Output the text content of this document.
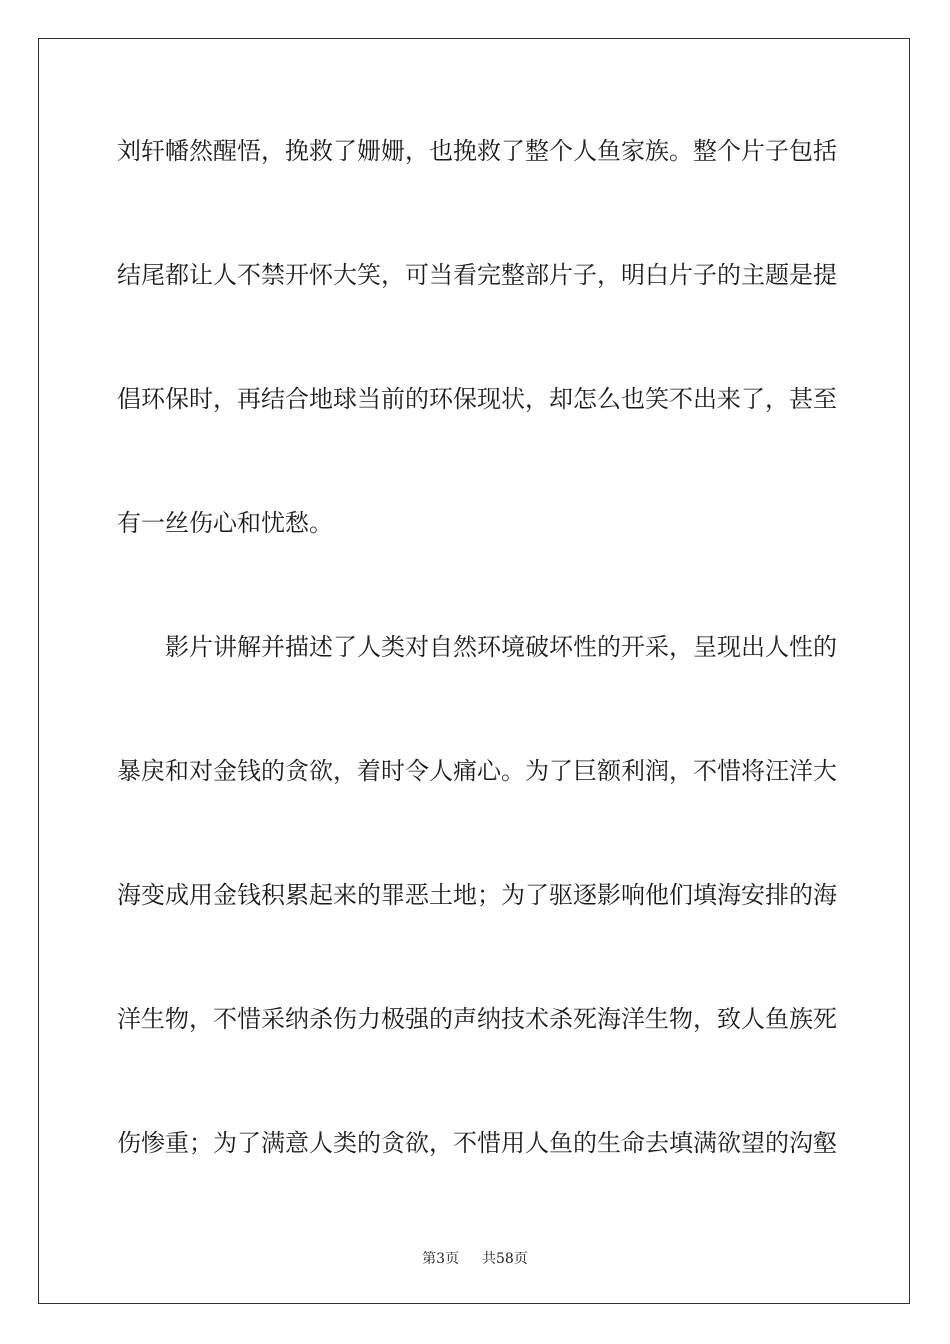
刘轩幡然醒悟，挽救了姗姗，也挽救了整个人鱼家族。整个片子包括
结尾都让人不禁开怀大笑，可当看完整部片子，明白片子的主题是提
倡环保时，再结合地球当前的环保现状，却怎么也笑不出来了，甚至
有一丝伤心和忧愁。
影片讲解并描述了人类对自然环境破坏性的开采，呈现出人性的
暴戾和对金钱的贪欲，着时令人痛心。为了巨额利润，不惜将汪洋大
海变成用金钱积累起来的罪恶土地；为了驱逐影响他们填海安排的海
洋生物，不惜采纳杀伤力极强的声纳技术杀死海洋生物，致人鱼族死
伤惨重；为了满意人类的贪欲，不惜用人鱼的生命去填满欲望的沟壑
第3页 共58页
